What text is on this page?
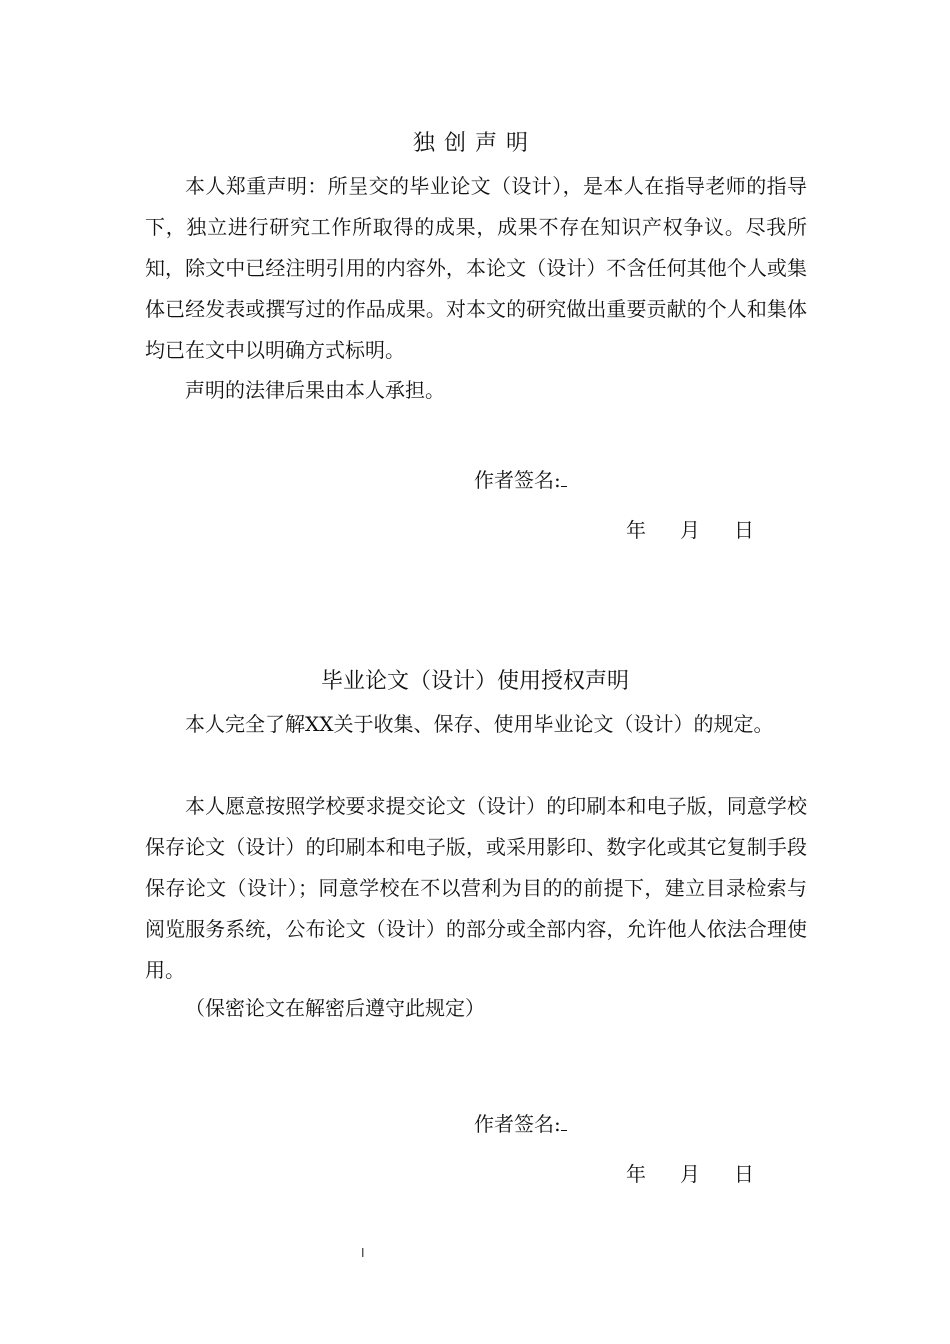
独创声明

本人郑重声明：所呈交的毕业论文（设计），是本人在指导老师的指导下，独立进行研究工作所取得的成果，成果不存在知识产权争议。尽我所知，除文中已经注明引用的内容外，本论文（设计）不含任何其他个人或集体已经发表或撰写过的作品成果。对本文的研究做出重要贡献的个人和集体均已在文中以明确方式标明。

声明的法律后果由本人承担。

作者签名:
年 月 日
毕业论文（设计）使用授权声明

本人完全了解XX关于收集、保存、使用毕业论文（设计）的规定。

本人愿意按照学校要求提交论文（设计）的印刷本和电子版，同意学校保存论文（设计）的印刷本和电子版，或采用影印、数字化或其它复制手段保存论文（设计）；同意学校在不以营利为目的的前提下，建立目录检索与阅览服务系统，公布论文（设计）的部分或全部内容，允许他人依法合理使用。

（保密论文在解密后遵守此规定）
作者签名:
年 月 日
I
